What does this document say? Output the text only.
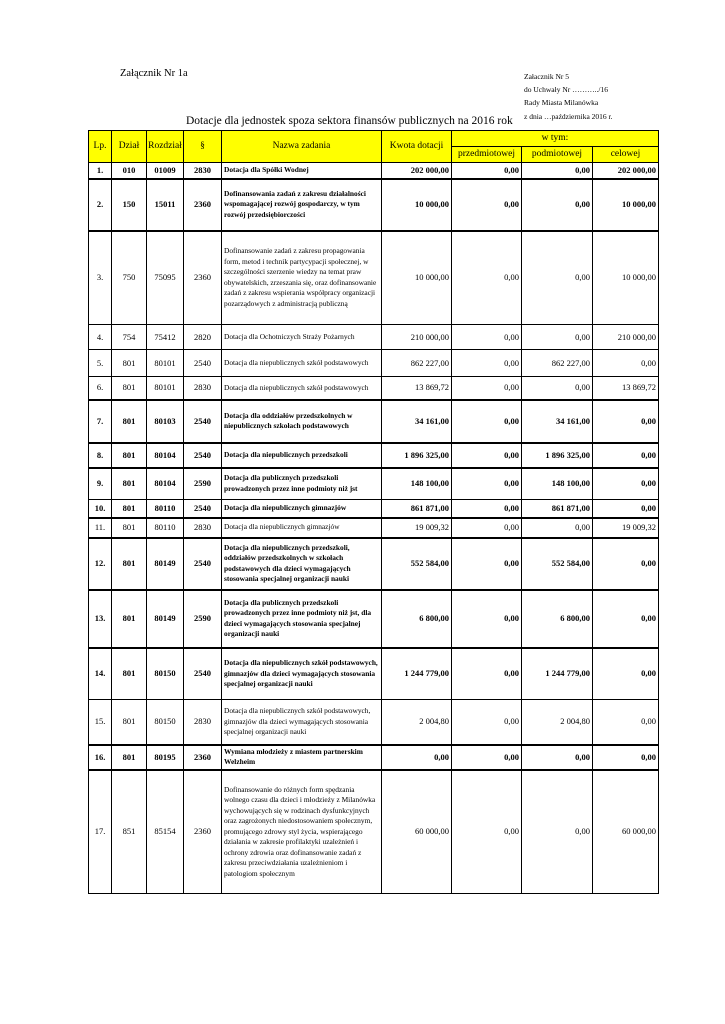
Załącznik Nr 1a	Załacznik Nr 5
do Uchwały Nr ………../16
Rady Miasta Milanówka
z dnia …października 2016 r.
Dotacje dla jednostek spoza sektora finansów publicznych na 2016 rok
Lp.	Dział	Rozdział	§	Nazwa zadania	Kwota dotacji	w tym:		
						przedmiotowej	podmiotowej	celowej
1.	010	01009	2830	Dotacja dla Spółki Wodnej	202 000,00	0,00	0,00	202 000,00
2.	150	15011	2360	Dofinansowania zadań z zakresu działalności wspomagającej rozwój gospodarczy, w tym rozwój przedsiębiorczości	10 000,00	0,00	0,00	10 000,00
3.	750	75095	2360	Dofinansowanie zadań z zakresu propagowania form, metod i technik partycypacji społecznej, w szczególności szerzenie wiedzy na temat praw obywatelskich, zrzeszania się, oraz dofinansowanie zadań z zakresu wspierania współpracy organizacji pozarządowych z administracją publiczną	10 000,00	0,00	0,00	10 000,00
4.	754	75412	2820	Dotacja dla Ochotniczych Straży Pożarnych	210 000,00	0,00	0,00	210 000,00
5.	801	80101	2540	Dotacja dla niepublicznych szkół podstawowych	862 227,00	0,00	862 227,00	0,00
6.	801	80101	2830	Dotacja dla niepublicznych szkół podstawowych	13 869,72	0,00	0,00	13 869,72
7.	801	80103	2540	Dotacja dla oddziałów przedszkolnych w niepublicznych szkołach podstawowych	34 161,00	0,00	34 161,00	0,00
8.	801	80104	2540	Dotacja dla niepublicznych przedszkoli	1 896 325,00	0,00	1 896 325,00	0,00
9.	801	80104	2590	Dotacja dla publicznych przedszkoli prowadzonych przez inne podmioty niż jst	148 100,00	0,00	148 100,00	0,00
10.	801	80110	2540	Dotacja dla niepublicznych gimnazjów	861 871,00	0,00	861 871,00	0,00
11.	801	80110	2830	Dotacja dla niepublicznych gimnazjów	19 009,32	0,00	0,00	19 009,32
12.	801	80149	2540	Dotacja dla niepublicznych przedszkoli, oddziałów przedszkolnych w szkołach podstawowych dla dzieci wymagających stosowania specjalnej organizacji nauki	552 584,00	0,00	552 584,00	0,00
13.	801	80149	2590	Dotacja dla publicznych przedszkoli prowadzonych przez inne podmioty niż jst, dla dzieci wymagających stosowania specjalnej organizacji nauki	6 800,00	0,00	6 800,00	0,00
14.	801	80150	2540	Dotacja dla niepublicznych szkół podstawowych, gimnazjów dla dzieci wymagających stosowania specjalnej organizacji nauki	1 244 779,00	0,00	1 244 779,00	0,00
15.	801	80150	2830	Dotacja dla niepublicznych szkół podstawowych, gimnazjów dla dzieci wymagających stosowania specjalnej organizacji nauki	2 004,80	0,00	2 004,80	0,00
16.	801	80195	2360	Wymiana młodzieży z miastem partnerskim Welzheim	0,00	0,00	0,00	0,00
17.	851	85154	2360	Dofinansowanie do różnych form spędzania wolnego czasu dla dzieci i młodzieży z Milanówka wychowujących się w rodzinach dysfunkcyjnych oraz zagrożonych niedostosowaniem społecznym, promującego zdrowy styl życia, wspierającego działania w zakresie profilaktyki uzależnień i ochrony zdrowia oraz dofinansowanie zadań z zakresu przeciwdziałania uzależnieniom i patologiom społecznym	60 000,00	0,00	0,00	60 000,00
